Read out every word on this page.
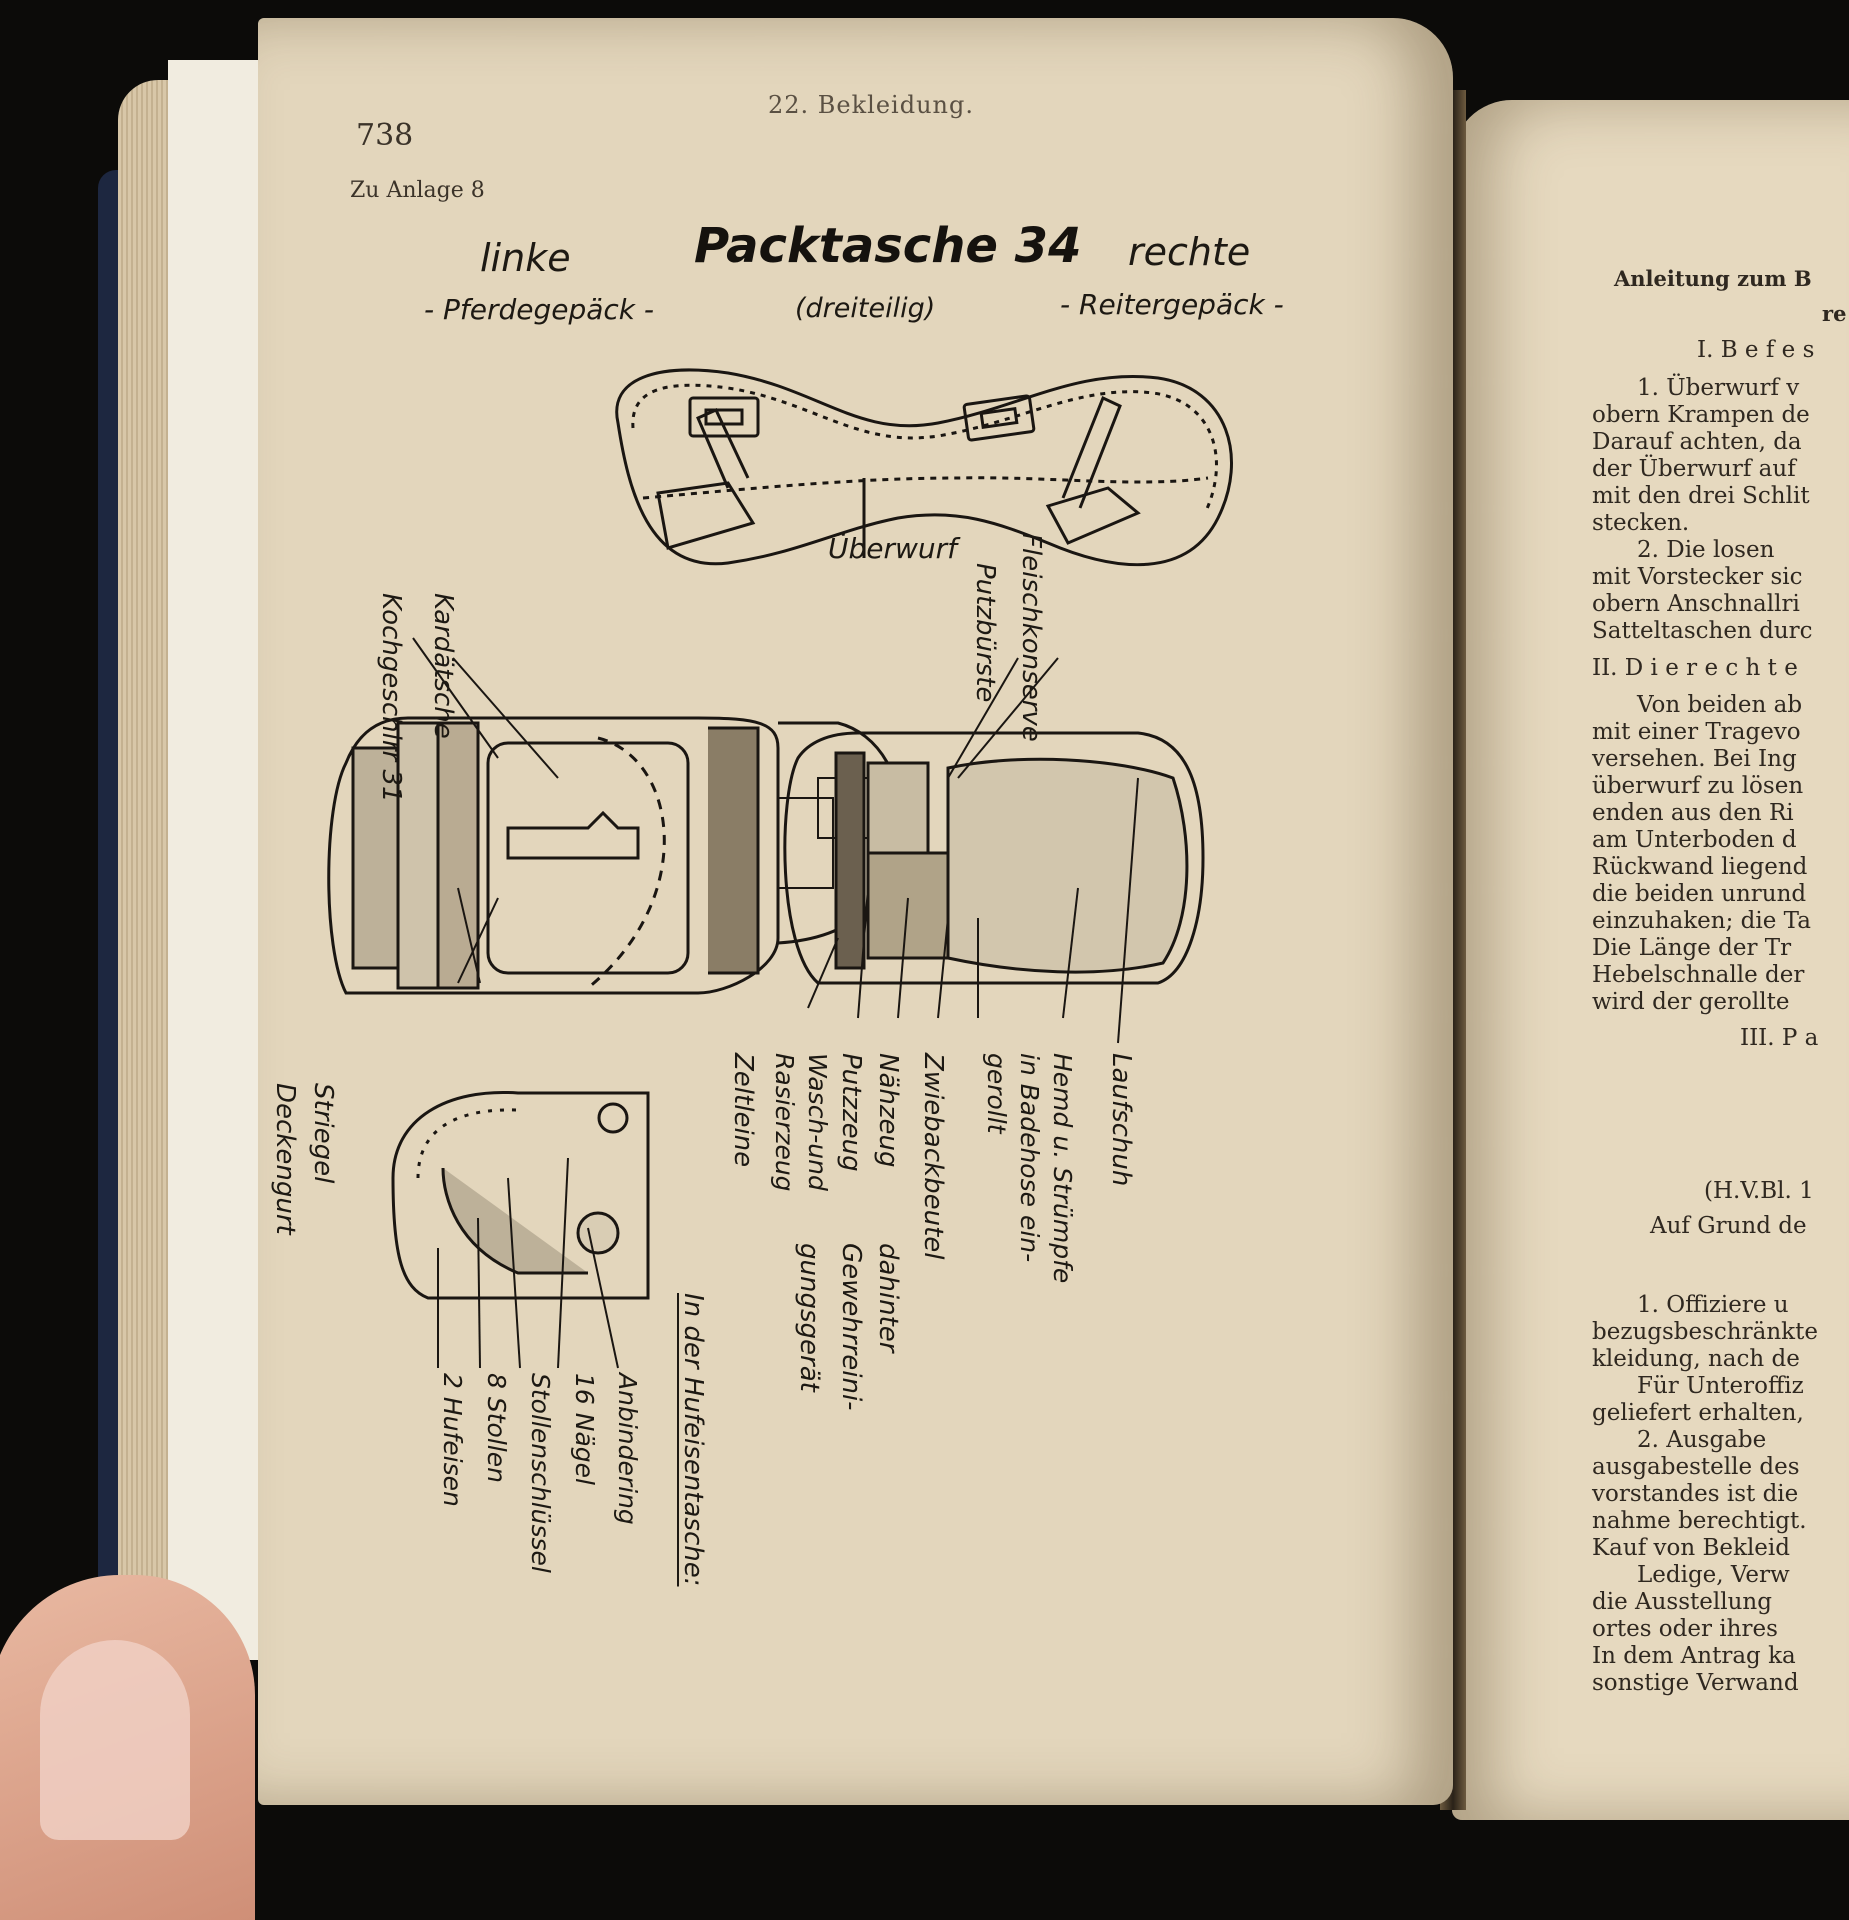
Anleitung zum B
re
I. B e f e s
1. Überwurf v
obern Krampen de
Darauf achten, da
der Überwurf auf
mit den drei Schlit
stecken.
2. Die losen
mit Vorstecker sic
obern Anschnallri
Satteltaschen durc
II. D i e r e c h t e
Von beiden ab
mit einer Tragevo
versehen. Bei Ing
überwurf zu lösen
enden aus den Ri
am Unterboden d
Rückwand liegend
die beiden unrund
einzuhaken; die Ta
Die Länge der Tr
Hebelschnalle der
wird der gerollte
III. P a
(H.V.Bl. 1
Auf Grund de
1. Offiziere u
bezugsbeschränkte
kleidung, nach de
Für Unteroffiz
geliefert erhalten,
2. Ausgabe
ausgabestelle des
vorstandes ist die
nahme berechtigt.
Kauf von Bekleid
Ledige, Verw
die Ausstellung
ortes oder ihres
In dem Antrag ka
sonstige Verwand
738
22. Bekleidung.
Zu Anlage 8
linke
- Pferdegepäck -
Packtasche 34
(dreiteilig)
rechte
- Reitergepäck -
Überwurf
Kardätsche
Kochgeschirr 31
Striegel
Deckengurt
Fleischkonserve
Putzbürste
Laufschuh
Hemd u. Strümpfe
in Badehose ein-
gerollt
Zwiebackbeutel
Nähzeug
Putzzeug
Wasch-und
Rasierzeug
dahinter
Gewehrreini-
gungsgerät
Zeltleine
In der Hufeisentasche:
Anbindering
16 Nägel
Stollenschlüssel
8 Stollen
2 Hufeisen
